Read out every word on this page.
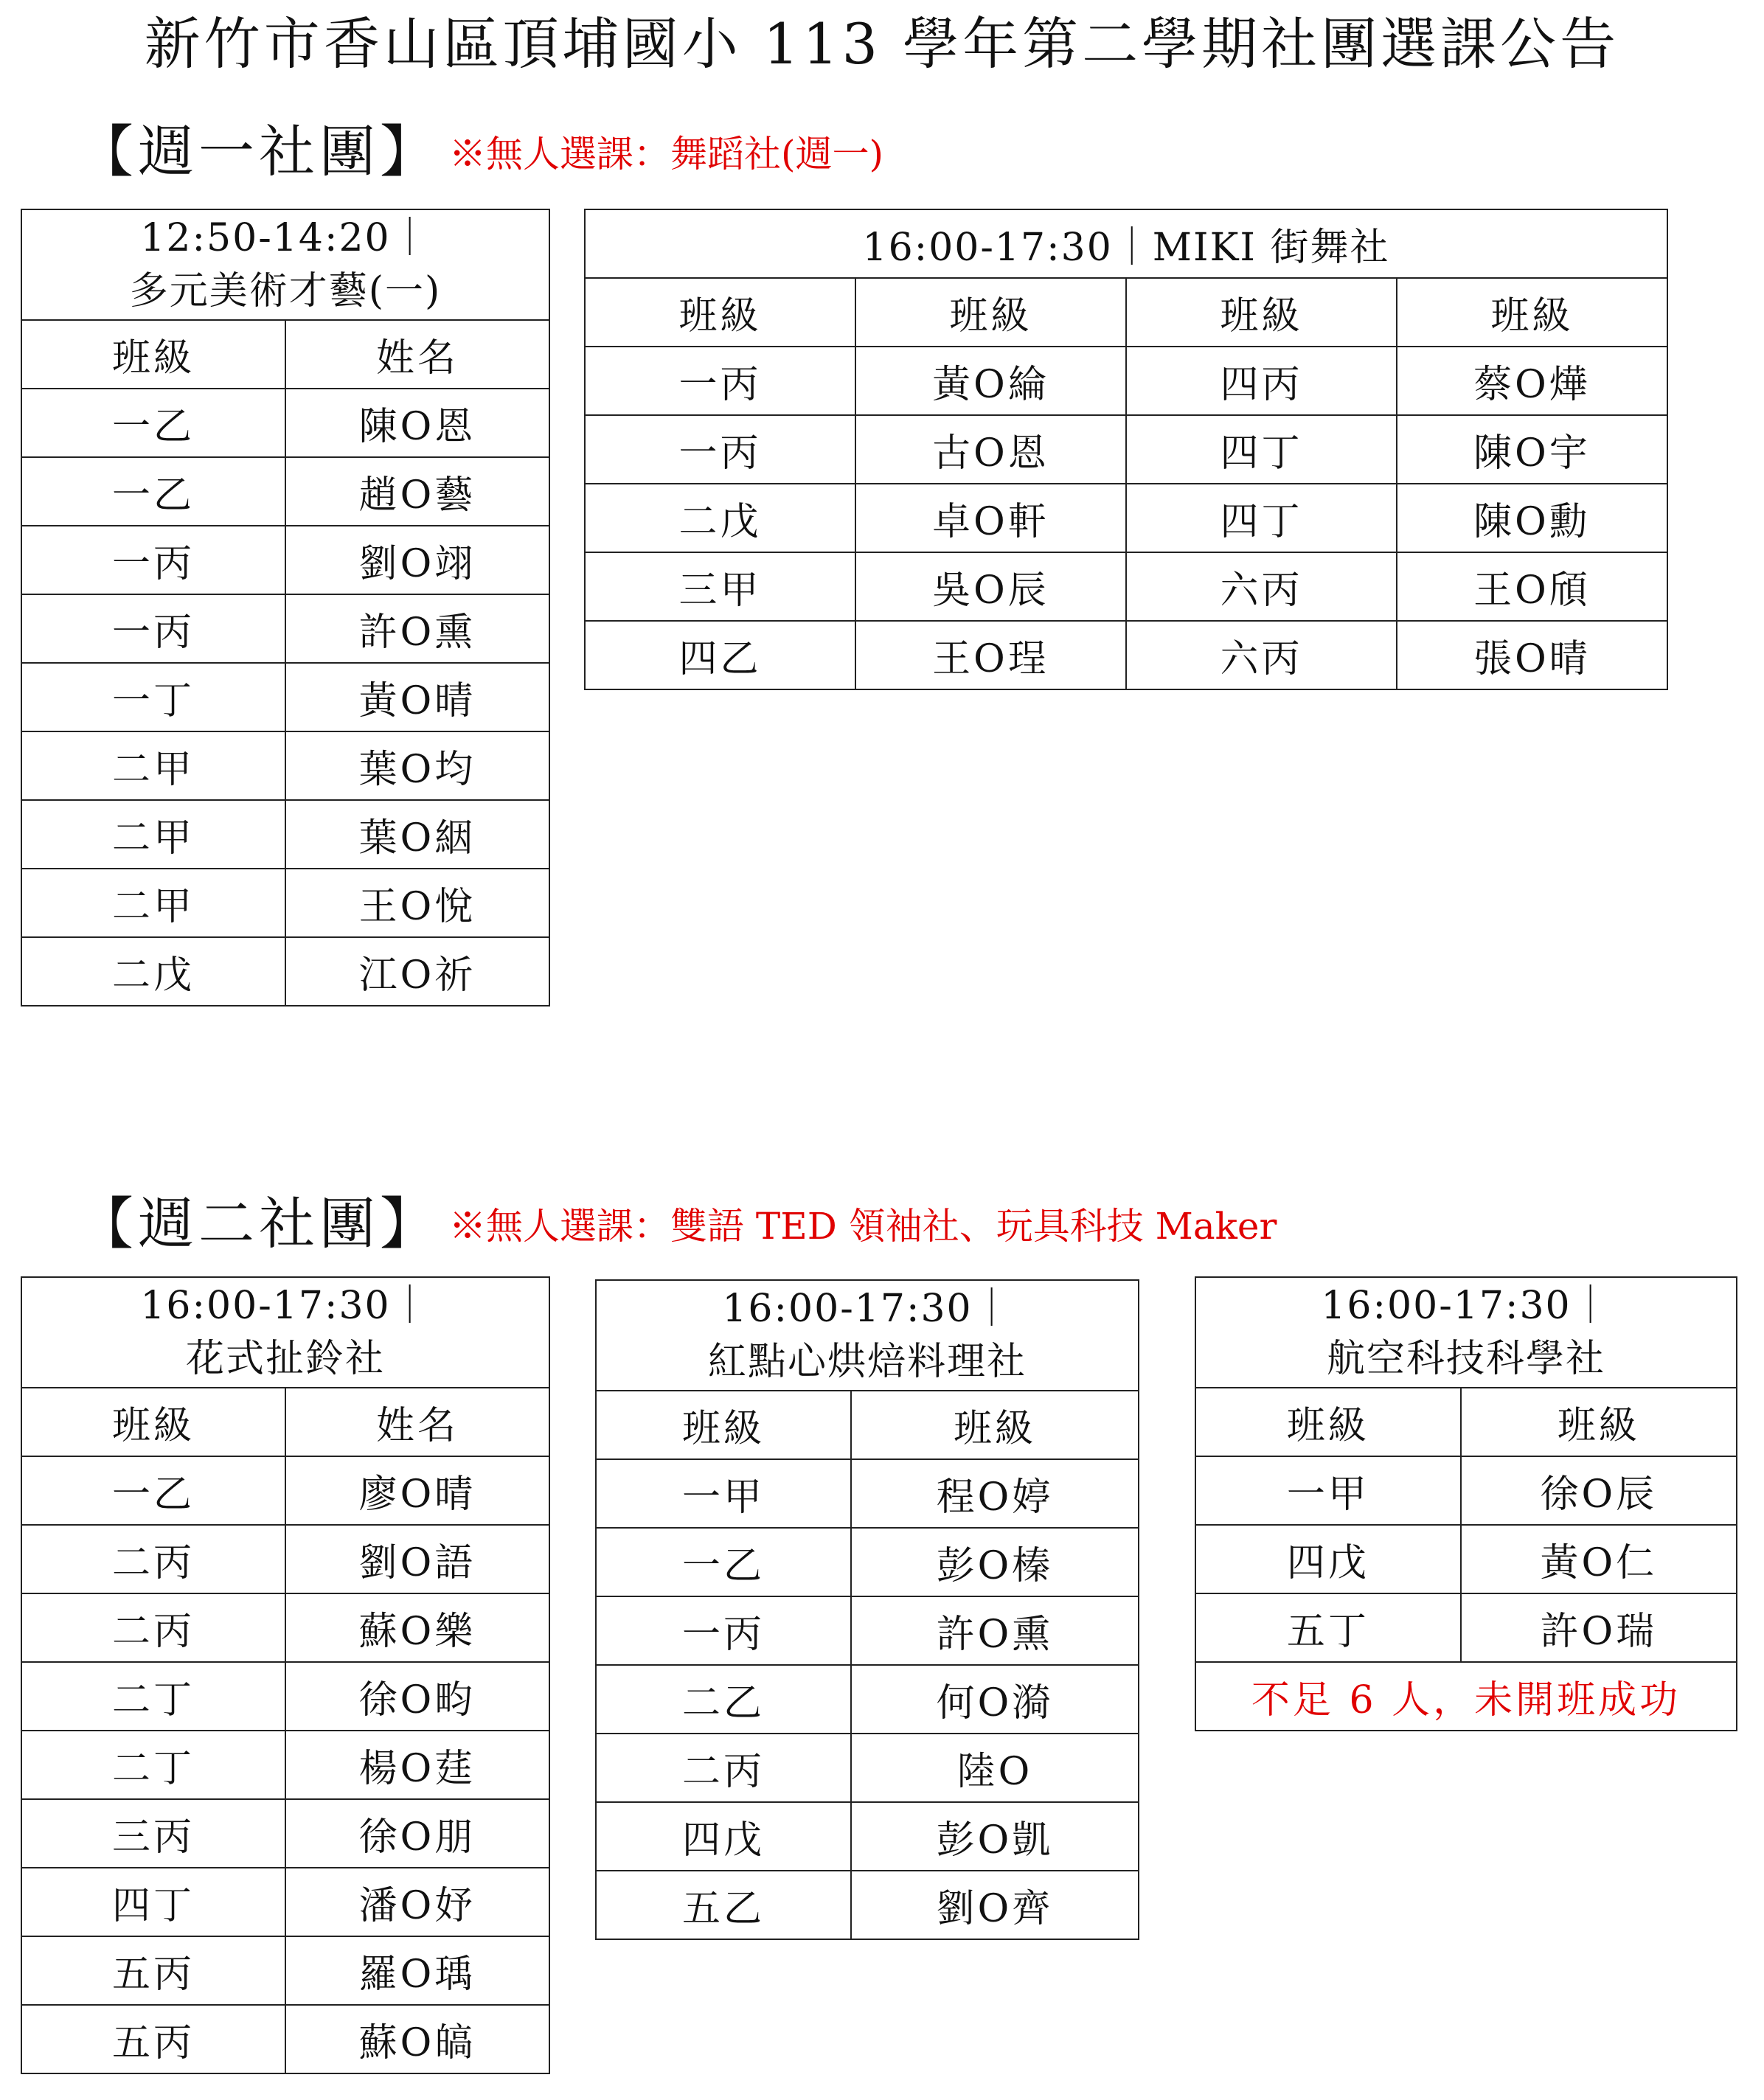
新竹市香山區頂埔國小 113 學年第二學期社團選課公告
【週一社團】 ※無人選課：舞蹈社(週一)
12:50-14:20｜
多元美術才藝(一)	

班級	姓名
一乙	陳O恩
一乙	趙O藝
一丙	劉O翊
一丙	許O熏
一丁	黃O晴
二甲	葉O均
二甲	葉O絪
二甲	王O悅
二戊	江O祈
16:00-17:30｜MIKI 街舞社			
班級	班級	班級	班級
一丙	黃O綸	四丙	蔡O燁
一丙	古O恩	四丁	陳O宇
二戊	卓O軒	四丁	陳O勳
三甲	吳O辰	六丙	王O頎
四乙	王O珵	六丙	張O晴
【週二社團】 ※無人選課：雙語 TED 領袖社、玩具科技 Maker
16:00-17:30｜
花式扯鈴社	

班級	姓名
一乙	廖O晴
二丙	劉O語
二丙	蘇O樂
二丁	徐O畇
二丁	楊O莛
三丙	徐O朋
四丁	潘O妤
五丙	羅O瑀
五丙	蘇O皜
16:00-17:30｜
紅點心烘焙料理社	

班級	班級
一甲	程O婷
一乙	彭O榛
一丙	許O熏
二乙	何O漪
二丙	陸O
四戊	彭O凱
五乙	劉O齊
16:00-17:30｜
航空科技科學社	

班級	班級
一甲	徐O辰
四戊	黃O仁
五丁	許O瑞
不足 6 人，未開班成功	
